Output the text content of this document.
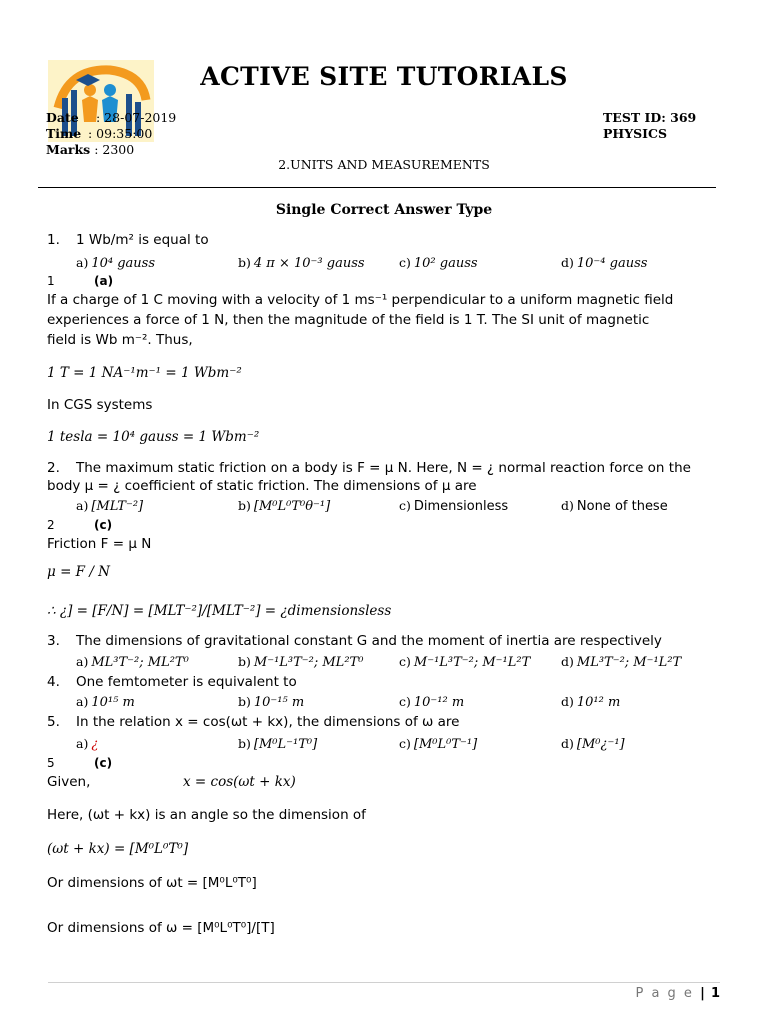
ACTIVE SITE TUTORIALS
Date : 28-07-2019
Time : 09:35:00
Marks : 2300
TEST ID: 369
PHYSICS
2.UNITS AND MEASUREMENTS
Single Correct Answer Type
1. 1 Wb/m² is equal to
a) 10⁴ gauss	b) 4 π × 10⁻³ gauss	c) 10² gauss	d) 10⁻⁴ gauss
1	(a)
If a charge of 1 C moving with a velocity of 1 ms⁻¹ perpendicular to a uniform magnetic field
experiences a force of 1 N, then the magnitude of the field is 1 T. The SI unit of magnetic
field is Wb m⁻². Thus,
1 T = 1 NA⁻¹m⁻¹ = 1 Wbm⁻²
In CGS systems
1 tesla = 10⁴ gauss = 1 Wbm⁻²
2. The maximum static friction on a body is F = μ N. Here, N = ¿ normal reaction force on the
body μ = ¿ coefficient of static friction. The dimensions of μ are
a) [MLT⁻²]	b) [M⁰L⁰T⁰θ⁻¹]	c) Dimensionless	d) None of these
2	(c)
Friction F = μ N
μ = F / N
∴ ¿] = [F/N] = [MLT⁻²]/[MLT⁻²] = ¿dimensionsless
3. The dimensions of gravitational constant G and the moment of inertia are respectively
a) ML³T⁻²; ML²T⁰	b) M⁻¹L³T⁻²; ML²T⁰	c) M⁻¹L³T⁻²; M⁻¹L²T d) ML³T⁻²; M⁻¹L²T
4. One femtometer is equivalent to
a) 10¹⁵ m	b) 10⁻¹⁵ m	c) 10⁻¹² m	d) 10¹² m
5. In the relation x = cos(ωt + kx), the dimensions of ω are
a) ¿	b) [M⁰L⁻¹T⁰]	c) [M⁰L⁰T⁻¹]	d) [M⁰¿⁻¹]
5	(c)
Given,	x = cos(ωt + kx)
Here, (ωt + kx) is an angle so the dimension of
(ωt + kx) = [M⁰L⁰T⁰]
Or dimensions of ωt = [M⁰L⁰T⁰]
Or dimensions of ω = [M⁰L⁰T⁰]/[T]
P a g e | 1
